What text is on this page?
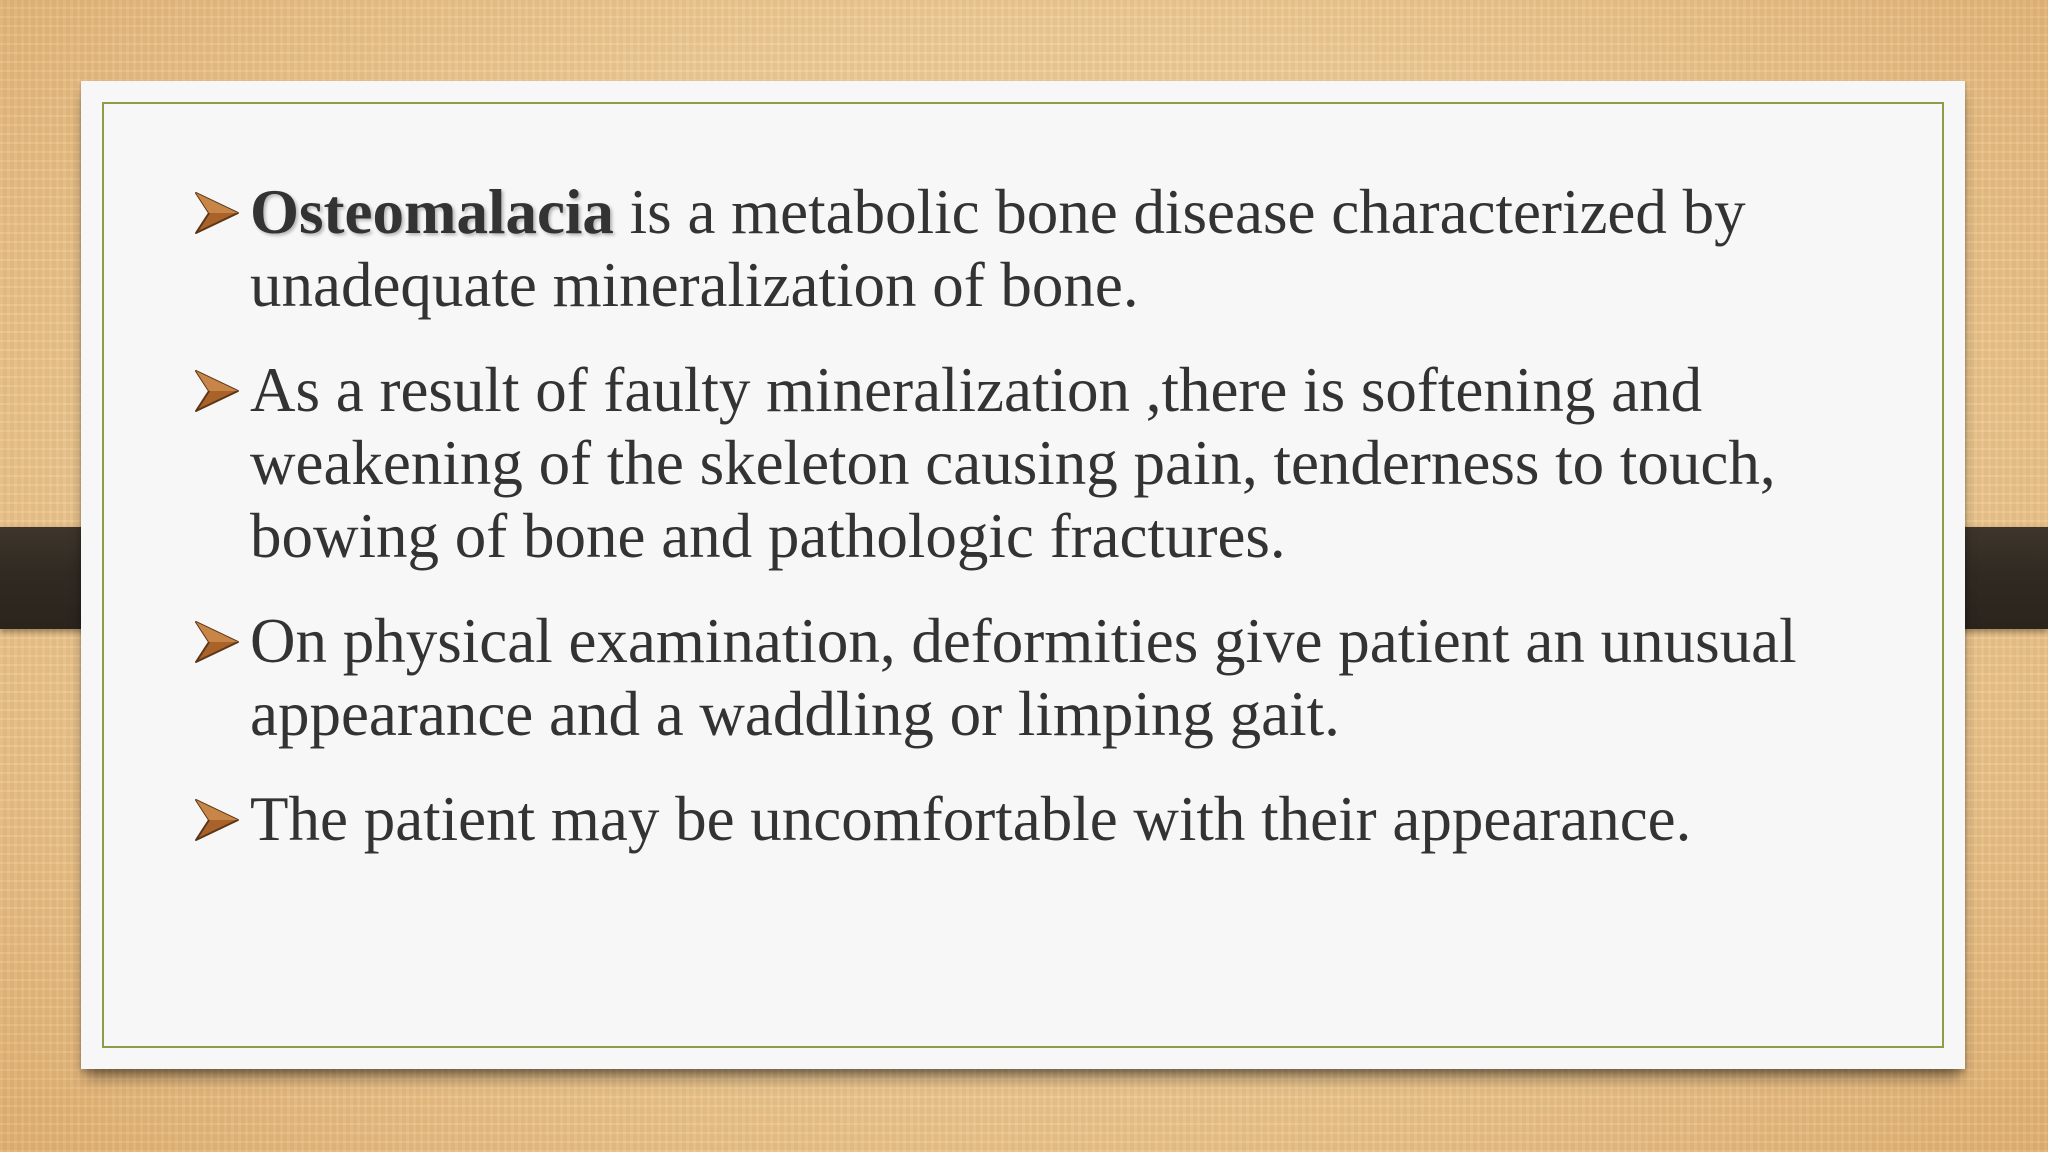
Osteomalacia is a metabolic bone disease characterized by unadequate mineralization of bone.
As a result of faulty mineralization ,there is softening and weakening of the skeleton causing pain, tenderness to touch, bowing of bone and pathologic fractures.
On physical examination, deformities give patient an unusual appearance and a waddling or limping gait.
The patient may be uncomfortable with their appearance.
